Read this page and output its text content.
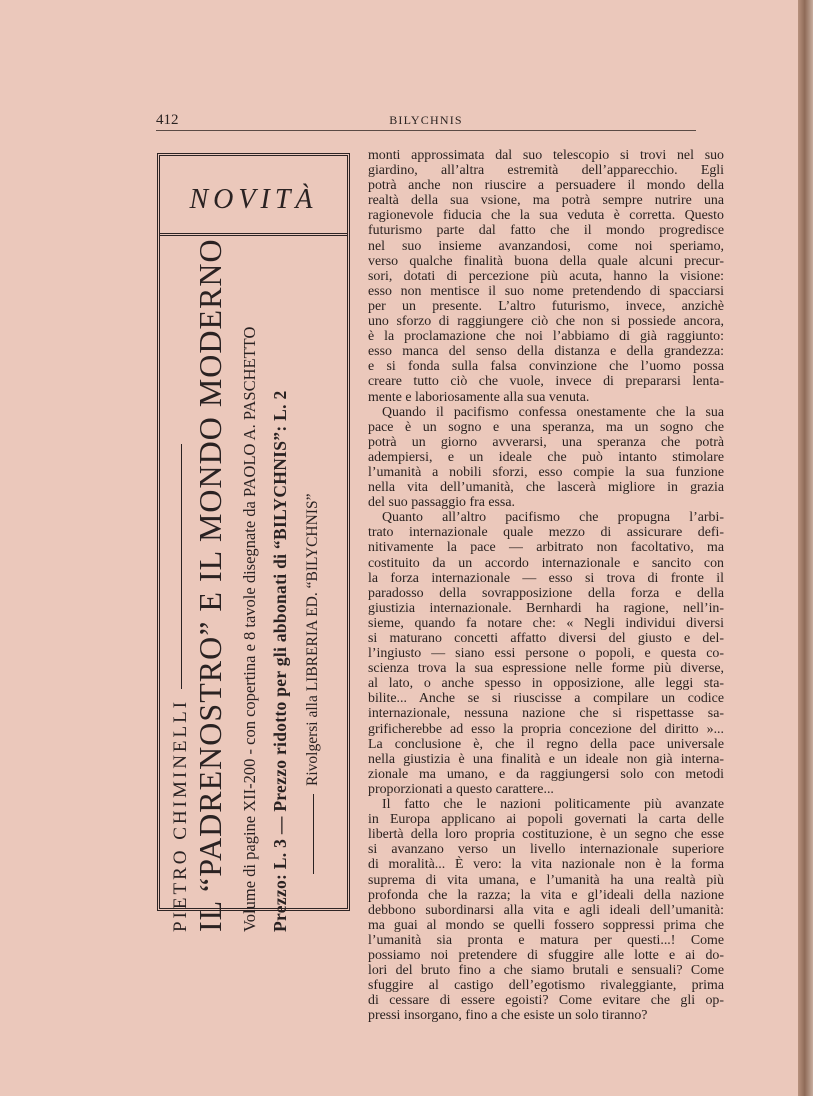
412	BILYCHNIS
NOVITÀ
PIETRO CHIMINELLI IL “PADRENOSTRO” E IL MONDO MODERNO Volume di pagine XII-200 - con copertina e 8 tavole disegnate da PAOLO A. PASCHETTO Prezzo: L. 3 — Prezzo ridotto per gli abbonati di “BILYCHNIS”: L. 2 Rivolgersi alla LIBRERIA ED. “BILYCHNIS”
monti approssimata dal suo telescopio si trovi nel suo
giardino, all’altra estremità dell’apparecchio. Egli
potrà anche non riuscire a persuadere il mondo della
realtà della sua vsione, ma potrà sempre nutrire una
ragionevole fiducia che la sua veduta è corretta. Questo
futurismo parte dal fatto che il mondo progredisce
nel suo insieme avanzandosi, come noi speriamo,
verso qualche finalità buona della quale alcuni precur-
sori, dotati di percezione più acuta, hanno la visione:
esso non mentisce il suo nome pretendendo di spacciarsi
per un presente. L’altro futurismo, invece, anzichè
uno sforzo di raggiungere ciò che non si possiede ancora,
è la proclamazione che noi l’abbiamo di già raggiunto:
esso manca del senso della distanza e della grandezza:
e si fonda sulla falsa convinzione che l’uomo possa
creare tutto ciò che vuole, invece di prepararsi lenta-
mente e laboriosamente alla sua venuta.
Quando il pacifismo confessa onestamente che la sua
pace è un sogno e una speranza, ma un sogno che
potrà un giorno avverarsi, una speranza che potrà
adempiersi, e un ideale che può intanto stimolare
l’umanità a nobili sforzi, esso compie la sua funzione
nella vita dell’umanità, che lascerà migliore in grazia
del suo passaggio fra essa.
Quanto all’altro pacifismo che propugna l’arbi-
trato internazionale quale mezzo di assicurare defi-
nitivamente la pace — arbitrato non facoltativo, ma
costituito da un accordo internazionale e sancito con
la forza internazionale — esso si trova di fronte il
paradosso della sovrapposizione della forza e della
giustizia internazionale. Bernhardi ha ragione, nell’in-
sieme, quando fa notare che: « Negli individui diversi
si maturano concetti affatto diversi del giusto e del-
l’ingiusto — siano essi persone o popoli, e questa co-
scienza trova la sua espressione nelle forme più diverse,
al lato, o anche spesso in opposizione, alle leggi sta-
bilite... Anche se si riuscisse a compilare un codice
internazionale, nessuna nazione che si rispettasse sa-
grificherebbe ad esso la propria concezione del diritto »...
La conclusione è, che il regno della pace universale
nella giustizia è una finalità e un ideale non già interna-
zionale ma umano, e da raggiungersi solo con metodi
proporzionati a questo carattere...
Il fatto che le nazioni politicamente più avanzate
in Europa applicano ai popoli governati la carta delle
libertà della loro propria costituzione, è un segno che esse
si avanzano verso un livello internazionale superiore
di moralità... È vero: la vita nazionale non è la forma
suprema di vita umana, e l’umanità ha una realtà più
profonda che la razza; la vita e gl’ideali della nazione
debbono subordinarsi alla vita e agli ideali dell’umanità:
ma guai al mondo se quelli fossero soppressi prima che
l’umanità sia pronta e matura per questi...! Come
possiamo noi pretendere di sfuggire alle lotte e ai do-
lori del bruto fino a che siamo brutali e sensuali? Come
sfuggire al castigo dell’egotismo rivaleggiante, prima
di cessare di essere egoisti? Come evitare che gli op-
pressi insorgano, fino a che esiste un solo tiranno?
